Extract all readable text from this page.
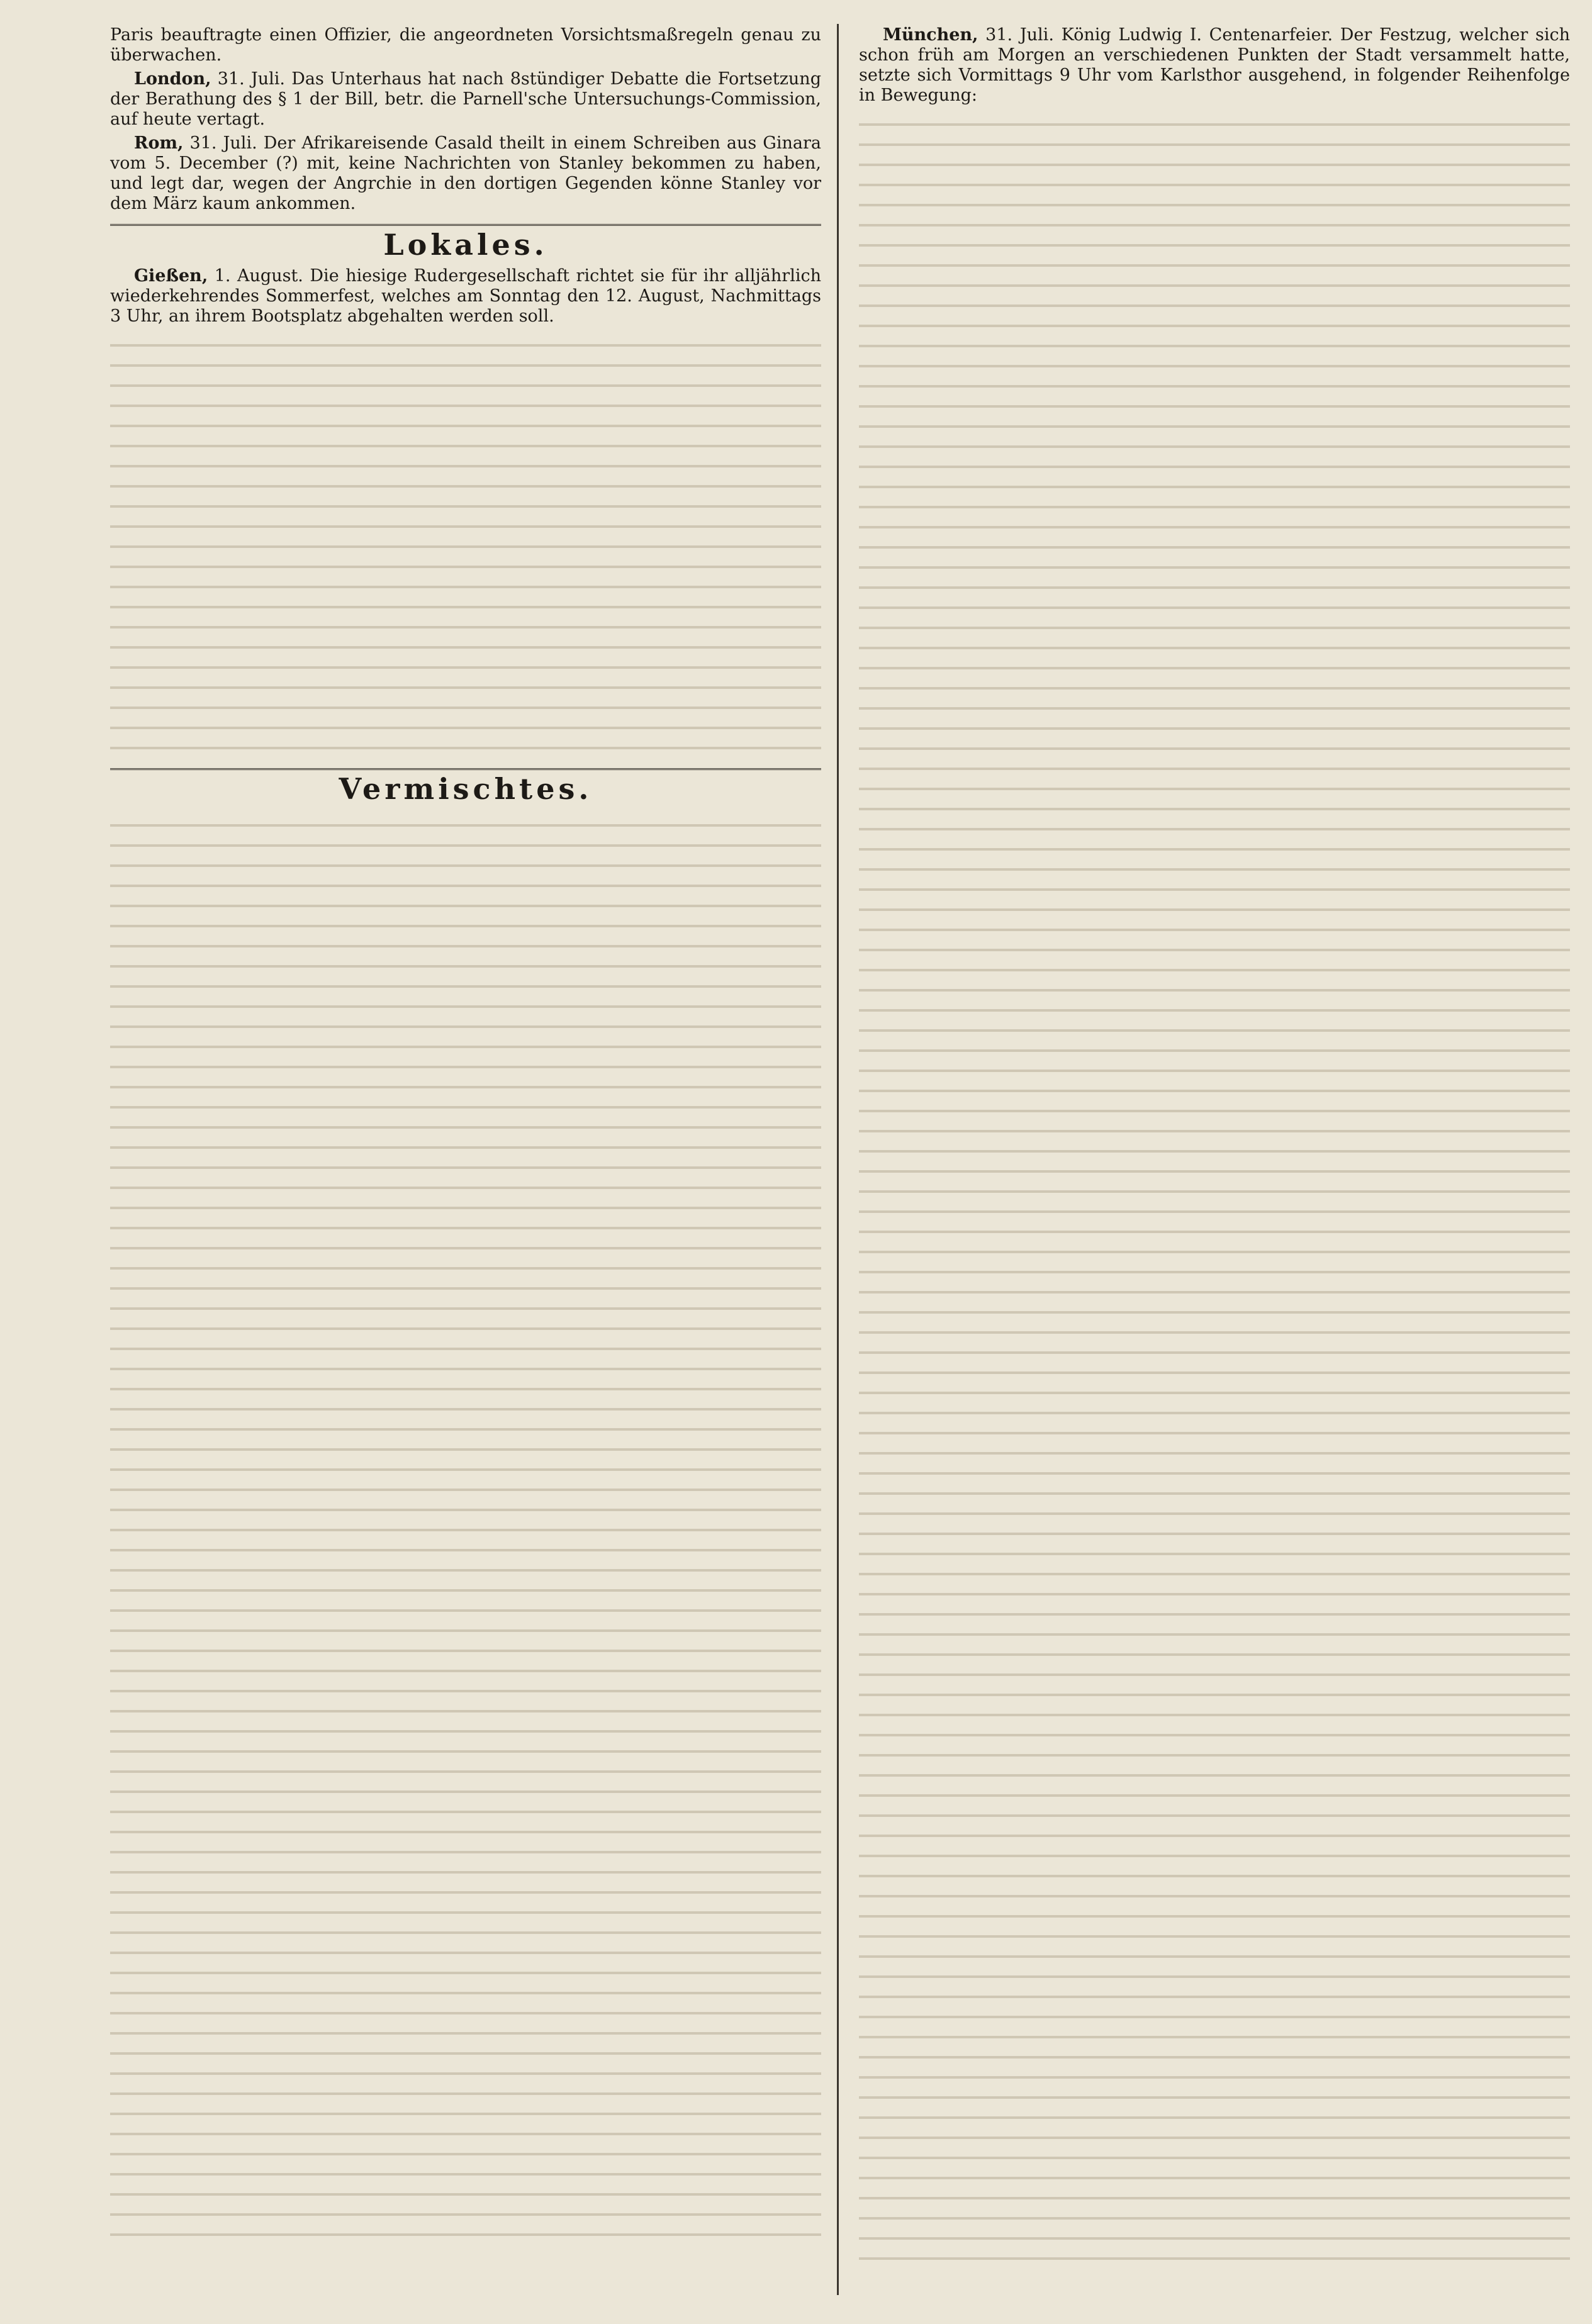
Paris beauftragte einen Offizier, die angeordneten Vorsichtsmaßregeln genau zu überwachen.

London, 31. Juli. Das Unterhaus hat nach 8stündiger Debatte die Fortsetzung der Berathung des § 1 der Bill, betr. die Parnell'sche Untersuchungs-Commission, auf heute vertagt.

Rom, 31. Juli. Der Afrikareisende Casald theilt in einem Schreiben aus Ginara vom 5. December (?) mit, keine Nachrichten von Stanley bekommen zu haben, und legt dar, wegen der Angrchie in den dortigen Gegenden könne Stanley vor dem März kaum ankommen.

Lokales.

Gießen, 1. August. Die hiesige Rudergesellschaft richtet sie für ihr alljährlich wiederkehrendes Sommerfest, welches am Sonntag den 12. August, Nachmittags 3 Uhr, an ihrem Bootsplatz abgehalten werden soll.

Vermischtes.

München, 31. Juli. König Ludwig I. Centenarfeier. Der Festzug, welcher sich schon früh am Morgen an verschiedenen Punkten der Stadt versammelt hatte, setzte sich Vormittags 9 Uhr vom Karlsthor ausgehend, in folgender Reihenfolge in Bewegung:
